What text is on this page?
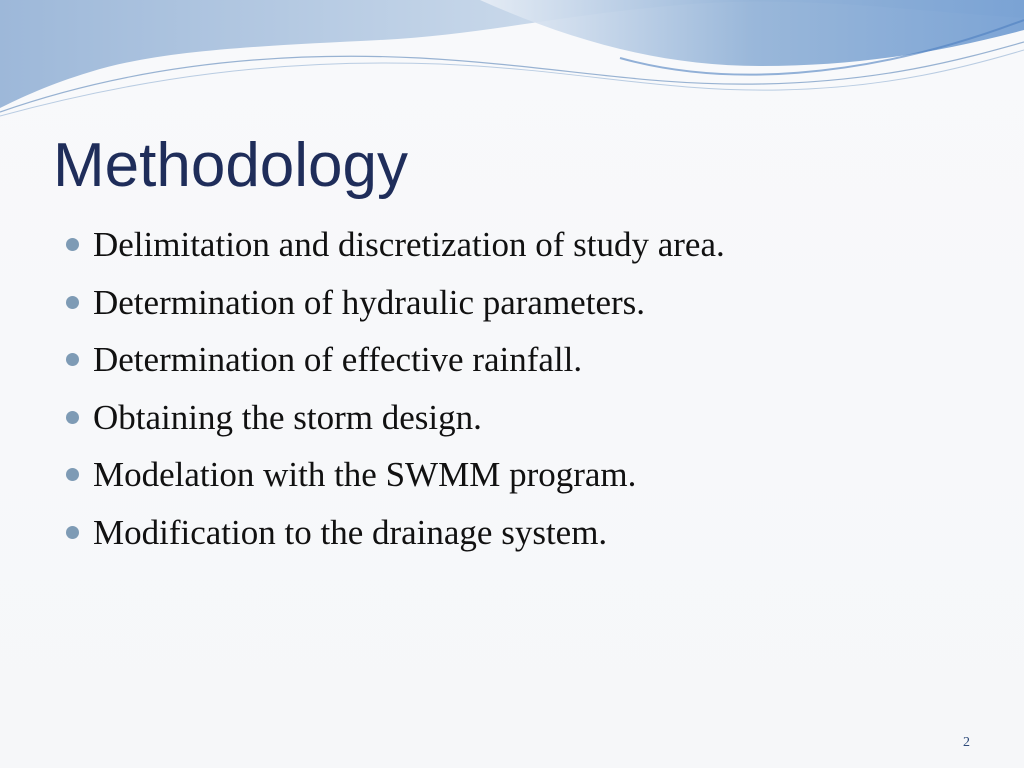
Methodology
Delimitation and discretization of study area.
Determination of hydraulic parameters.
Determination of effective rainfall.
Obtaining the storm design.
Modelation with the SWMM program.
Modification to the drainage system.
2
